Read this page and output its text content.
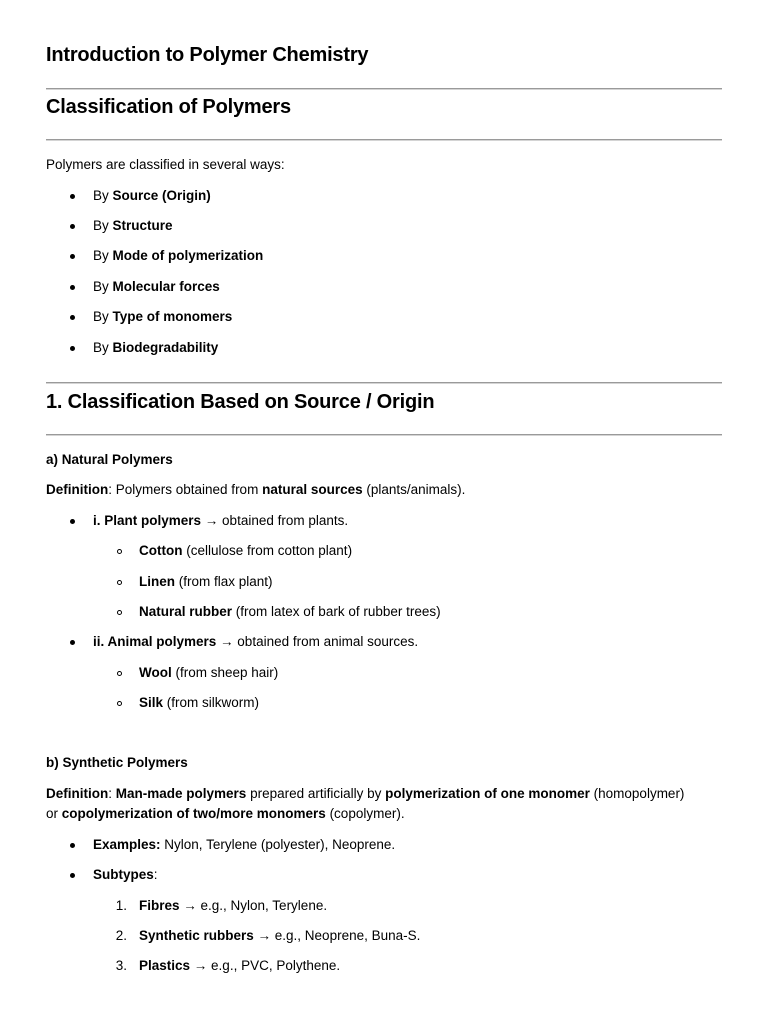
Introduction to Polymer Chemistry
Classification of Polymers
Polymers are classified in several ways:
By Source (Origin)
By Structure
By Mode of polymerization
By Molecular forces
By Type of monomers
By Biodegradability
1. Classification Based on Source / Origin
a) Natural Polymers
Definition: Polymers obtained from natural sources (plants/animals).
i. Plant polymers → obtained from plants.
Cotton (cellulose from cotton plant)
Linen (from flax plant)
Natural rubber (from latex of bark of rubber trees)
ii. Animal polymers → obtained from animal sources.
Wool (from sheep hair)
Silk (from silkworm)
b) Synthetic Polymers
Definition: Man-made polymers prepared artificially by polymerization of one monomer (homopolymer)
or copolymerization of two/more monomers (copolymer).
Examples: Nylon, Terylene (polyester), Neoprene.
Subtypes:
1. Fibres → e.g., Nylon, Terylene.
2. Synthetic rubbers → e.g., Neoprene, Buna-S.
3. Plastics → e.g., PVC, Polythene.
